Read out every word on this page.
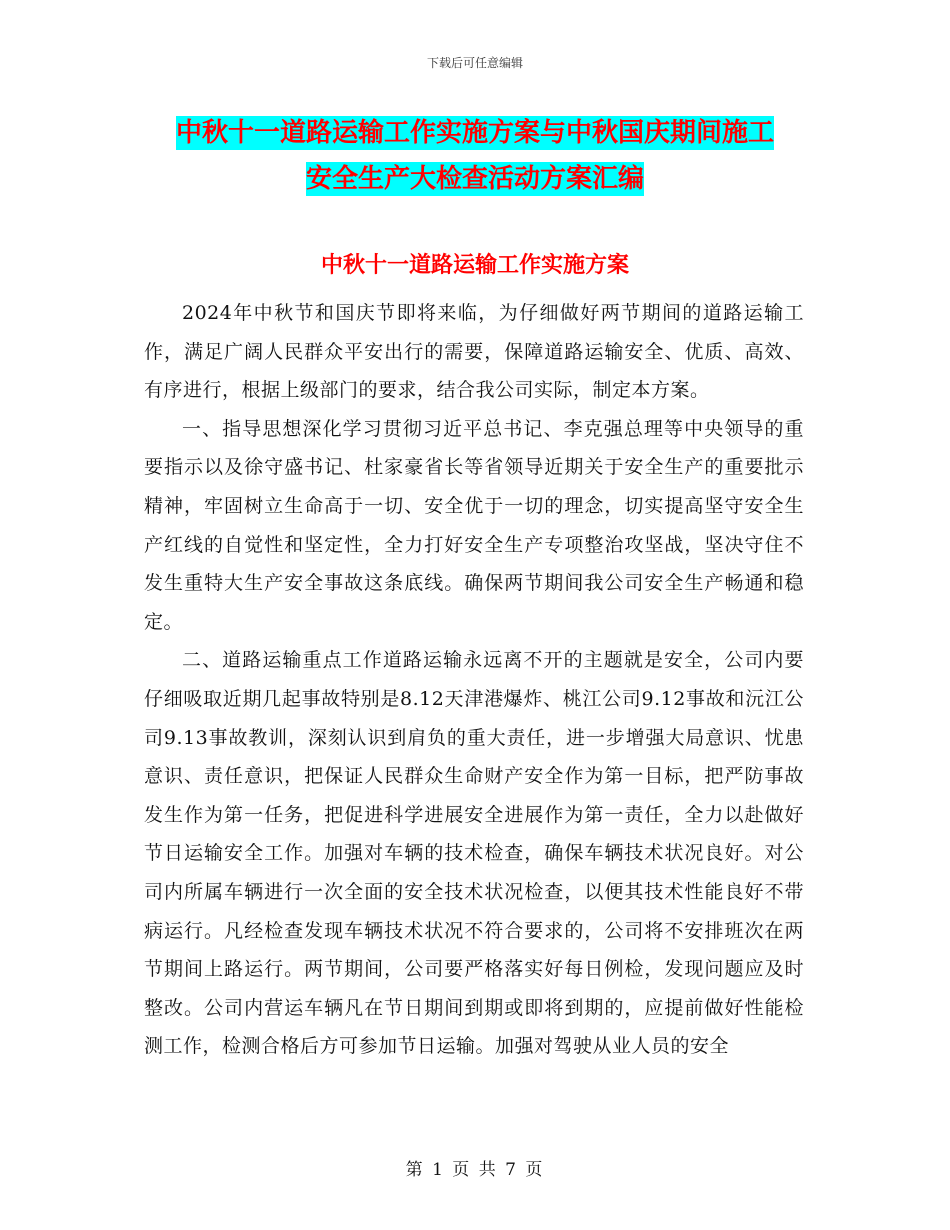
下载后可任意编辑
中秋十一道路运输工作实施方案与中秋国庆期间施工
安全生产大检查活动方案汇编
中秋十一道路运输工作实施方案

2024年中秋节和国庆节即将来临，为仔细做好两节期间的道路运输工作，满足广阔人民群众平安出行的需要，保障道路运输安全、优质、高效、有序进行，根据上级部门的要求，结合我公司实际，制定本方案。

一、指导思想深化学习贯彻习近平总书记、李克强总理等中央领导的重要指示以及徐守盛书记、杜家豪省长等省领导近期关于安全生产的重要批示精神，牢固树立生命高于一切、安全优于一切的理念，切实提高坚守安全生产红线的自觉性和坚定性，全力打好安全生产专项整治攻坚战，坚决守住不发生重特大生产安全事故这条底线。确保两节期间我公司安全生产畅通和稳定。

二、道路运输重点工作道路运输永远离不开的主题就是安全，公司内要仔细吸取近期几起事故特别是8.12天津港爆炸、桃江公司9.12事故和沅江公司9.13事故教训，深刻认识到肩负的重大责任，进一步增强大局意识、忧患意识、责任意识，把保证人民群众生命财产安全作为第一目标，把严防事故发生作为第一任务，把促进科学进展安全进展作为第一责任，全力以赴做好节日运输安全工作。加强对车辆的技术检查，确保车辆技术状况良好。对公司内所属车辆进行一次全面的安全技术状况检查，以便其技术性能良好不带病运行。凡经检查发现车辆技术状况不符合要求的，公司将不安排班次在两节期间上路运行。两节期间，公司要严格落实好每日例检，发现问题应及时整改。公司内营运车辆凡在节日期间到期或即将到期的，应提前做好性能检测工作，检测合格后方可参加节日运输。加强对驾驶从业人员的安全

第 1 页 共 7 页
